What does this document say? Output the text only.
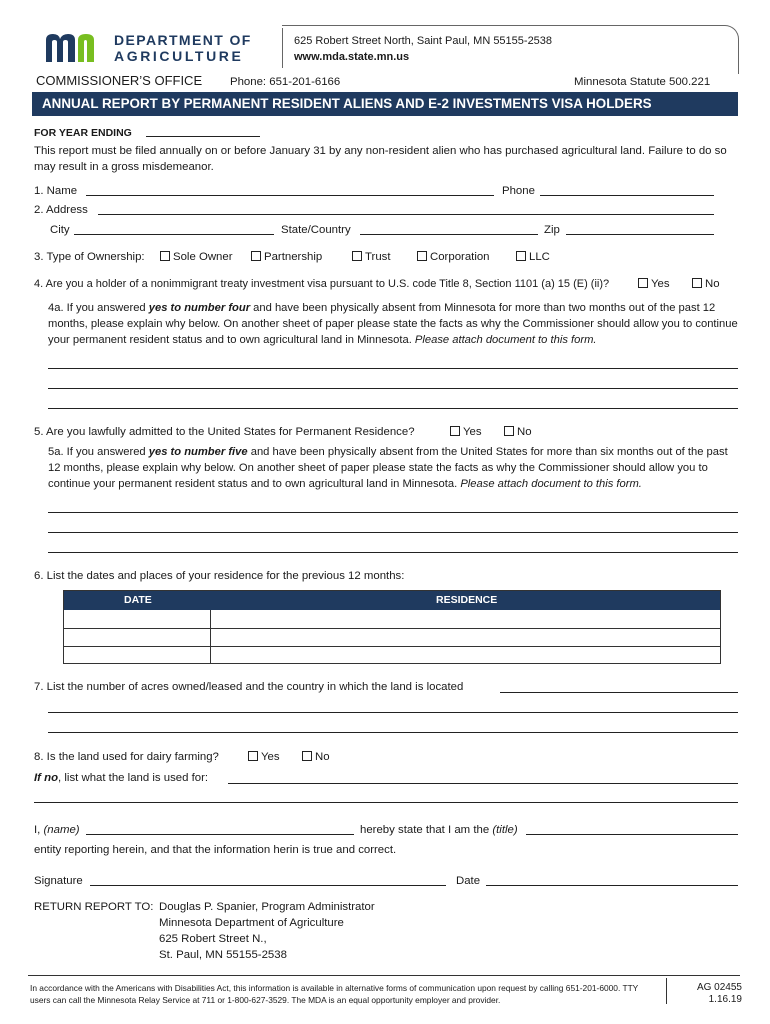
DEPARTMENT OF
AGRICULTURE
625 Robert Street North, Saint Paul, MN 55155-2538
www.mda.state.mn.us
COMMISSIONER’S OFFICE Phone: 651-201-6166	Minnesota Statute 500.221
ANNUAL REPORT BY PERMANENT RESIDENT ALIENS AND E-2 INVESTMENTS VISA HOLDERS
FOR YEAR ENDING
This report must be filed annually on or before January 31 by any non-resident alien who has purchased agricultural land. Failure to do so may result in a gross misdemeanor.
1. Name	Phone
2. Address
City	State/Country	Zip
3. Type of Ownership:	Sole Owner	Partnership	Trust	Corporation	LLC
4. Are you a holder of a nonimmigrant treaty investment visa pursuant to U.S. code Title 8, Section 1101 (a) 15 (E) (ii)?	Yes	No
4a. If you answered yes to number four and have been physically absent from Minnesota for more than two months out of the past 12 months, please explain why below. On another sheet of paper please state the facts as why the Commissioner should allow you to continue your permanent resident status and to own agricultural land in Minnesota. Please attach document to this form.
5. Are you lawfully admitted to the United States for Permanent Residence?	Yes	No
5a. If you answered yes to number five and have been physically absent from the United States for more than six months out of the past 12 months, please explain why below. On another sheet of paper please state the facts as why the Commissioner should allow you to continue your permanent resident status and to own agricultural land in Minnesota. Please attach document to this form.
6. List the dates and places of your residence for the previous 12 months:
DATE	RESIDENCE
7. List the number of acres owned/leased and the country in which the land is located
8. Is the land used for dairy farming?	Yes	No
If no, list what the land is used for:
I, (name)	hereby state that I am the (title)
entity reporting herein, and that the information herin is true and correct.
Signature	Date
RETURN REPORT TO: Douglas P. Spanier, Program Administrator
Minnesota Department of Agriculture
625 Robert Street N.,
St. Paul, MN 55155-2538
In accordance with the Americans with Disabilities Act, this information is available in alternative forms of communication upon request by calling 651-201-6000. TTY users can call the Minnesota Relay Service at 711 or 1-800-627-3529. The MDA is an equal opportunity employer and provider.
AG 02455
1.16.19
